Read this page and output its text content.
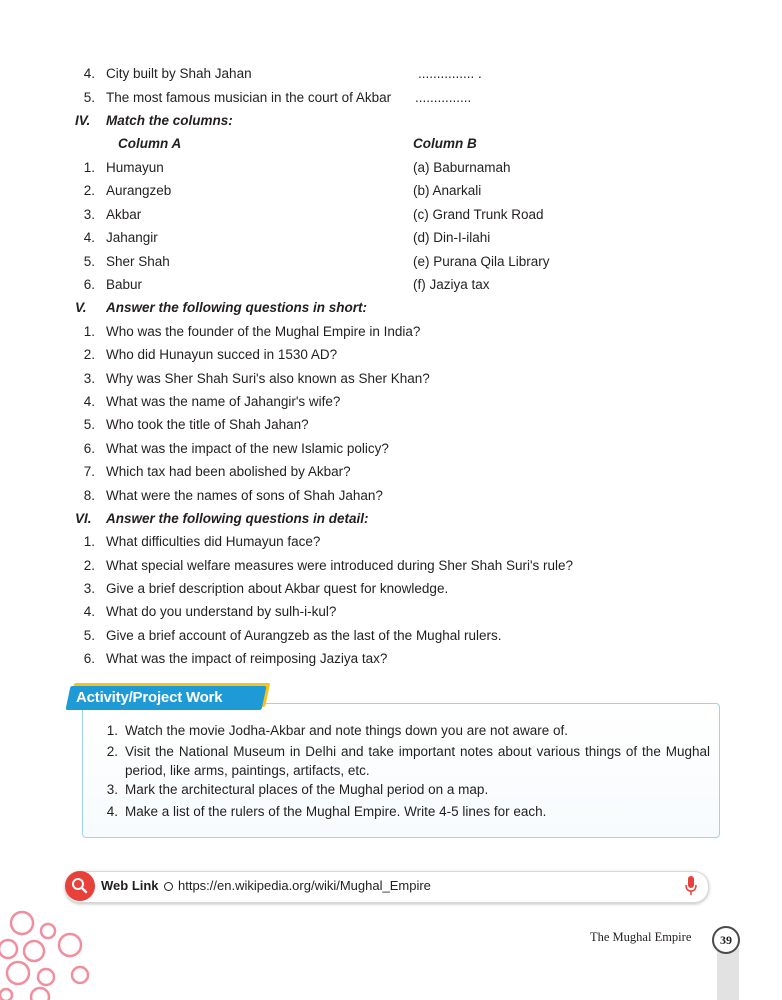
4. City built by Shah Jahan	............... .
5. The most famous musician in the court of Akbar ...............
IV.	Match the columns:
Column A	Column B
1. Humayun	(a) Baburnamah
2. Aurangzeb	(b) Anarkali
3. Akbar	(c) Grand Trunk Road
4. Jahangir	(d) Din-I-ilahi
5. Sher Shah	(e) Purana Qila Library
6. Babur	(f) Jaziya tax
V.	Answer the following questions in short:
1. Who was the founder of the Mughal Empire in India?
2. Who did Hunayun succed in 1530 AD?
3. Why was Sher Shah Suri's also known as Sher Khan?
4. What was the name of Jahangir's wife?
5. Who took the title of Shah Jahan?
6. What was the impact of the new Islamic policy?
7. Which tax had been abolished by Akbar?
8. What were the names of sons of Shah Jahan?
VI.	Answer the following questions in detail:
1. What difficulties did Humayun face?
2. What special welfare measures were introduced during Sher Shah Suri's rule?
3. Give a brief description about Akbar quest for knowledge.
4. What do you understand by sulh-i-kul?
5. Give a brief account of Aurangzeb as the last of the Mughal rulers.
6. What was the impact of reimposing Jaziya tax?
Activity/Project Work
1. Watch the movie Jodha-Akbar and note things down you are not aware of.
2. Visit the National Museum in Delhi and take important notes about various things of the Mughal period, like arms, paintings, artifacts, etc.
3. Mark the architectural places of the Mughal period on a map.
4. Make a list of the rulers of the Mughal Empire. Write 4-5 lines for each.
Web Link https://en.wikipedia.org/wiki/Mughal_Empire
The Mughal Empire	39
